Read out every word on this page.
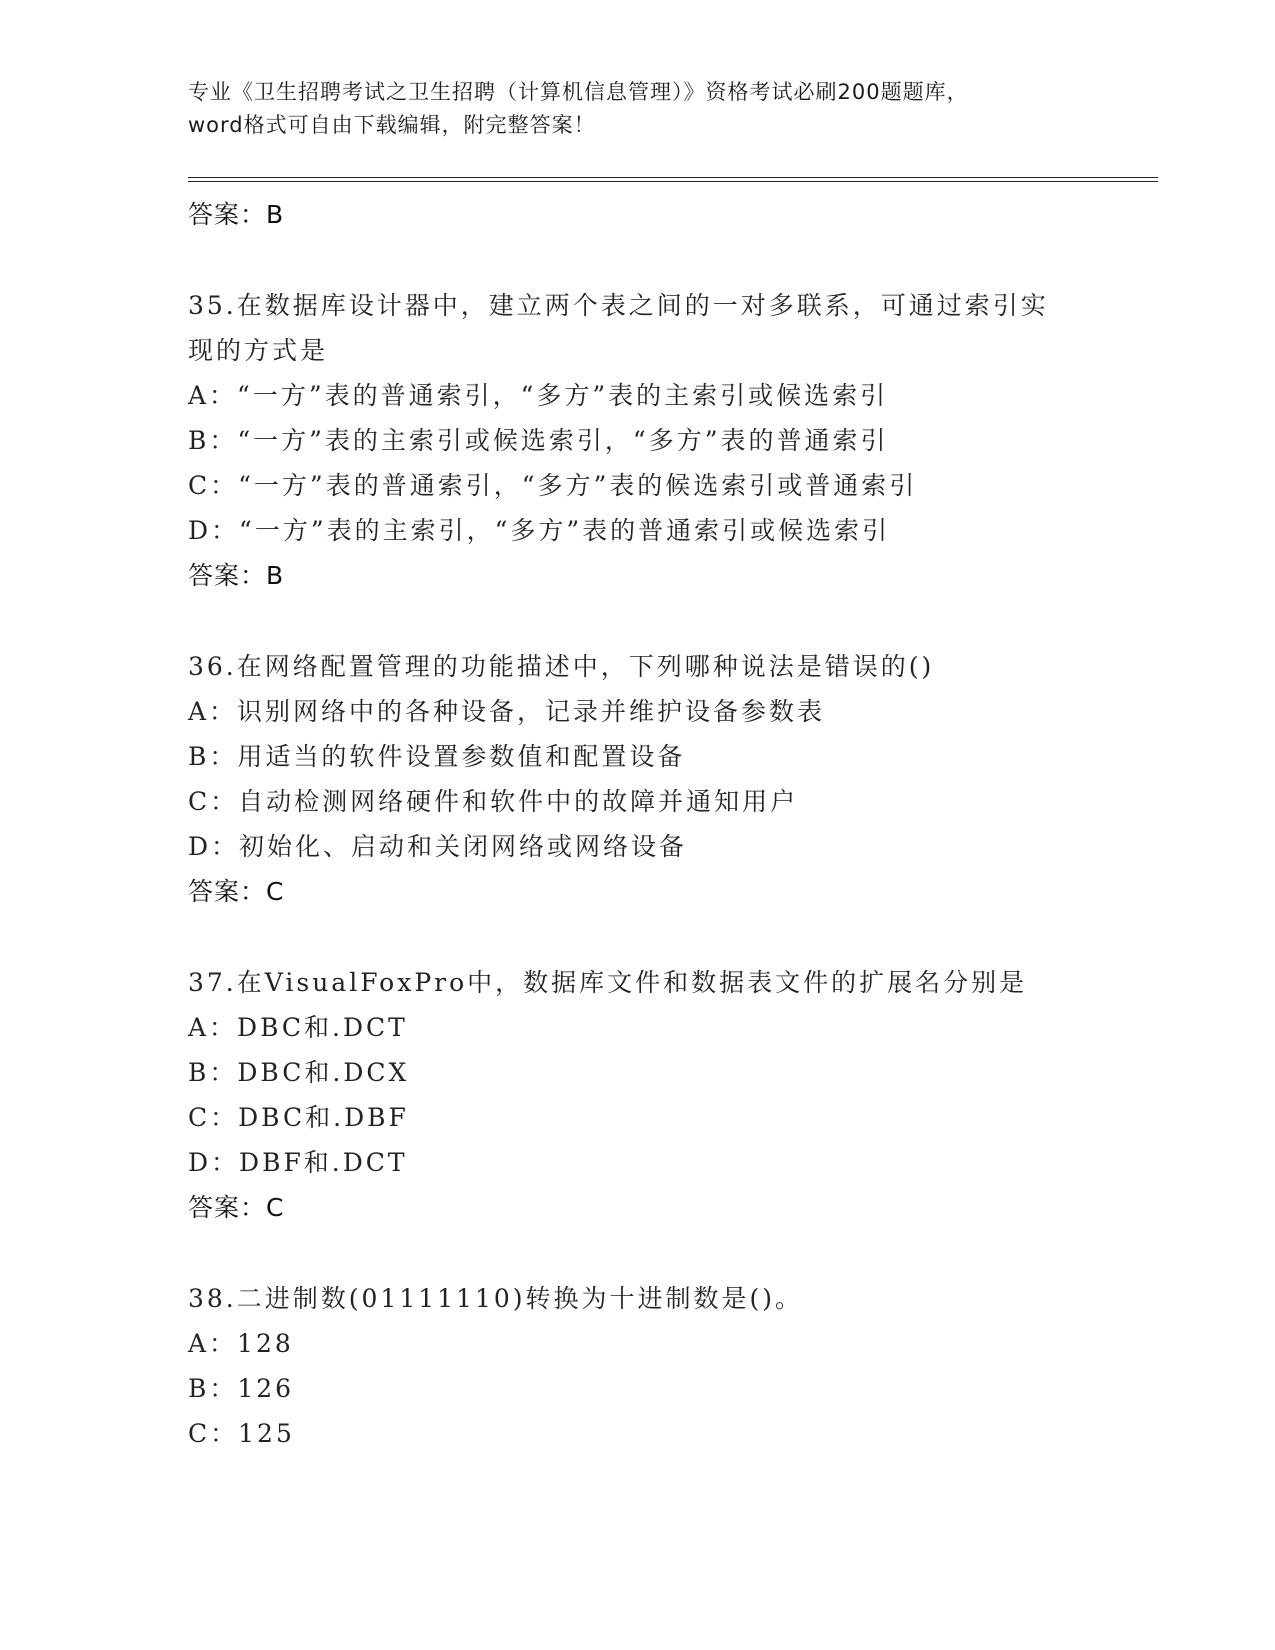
专业《卫生招聘考试之卫生招聘（计算机信息管理）》资格考试必刷200题题库，
word格式可自由下载编辑，附完整答案！
答案：B
35.在数据库设计器中，建立两个表之间的一对多联系，可通过索引实
现的方式是
A：“一方”表的普通索引，“多方”表的主索引或候选索引
B：“一方”表的主索引或候选索引，“多方”表的普通索引
C：“一方”表的普通索引，“多方”表的候选索引或普通索引
D：“一方”表的主索引，“多方”表的普通索引或候选索引
答案：B
36.在网络配置管理的功能描述中，下列哪种说法是错误的()
A：识别网络中的各种设备，记录并维护设备参数表
B：用适当的软件设置参数值和配置设备
C：自动检测网络硬件和软件中的故障并通知用户
D：初始化、启动和关闭网络或网络设备
答案：C
37.在VisualFoxPro中，数据库文件和数据表文件的扩展名分别是
A：DBC和.DCT
B：DBC和.DCX
C：DBC和.DBF
D：DBF和.DCT
答案：C
38.二进制数(01111110)转换为十进制数是()。
A：128
B：126
C：125
